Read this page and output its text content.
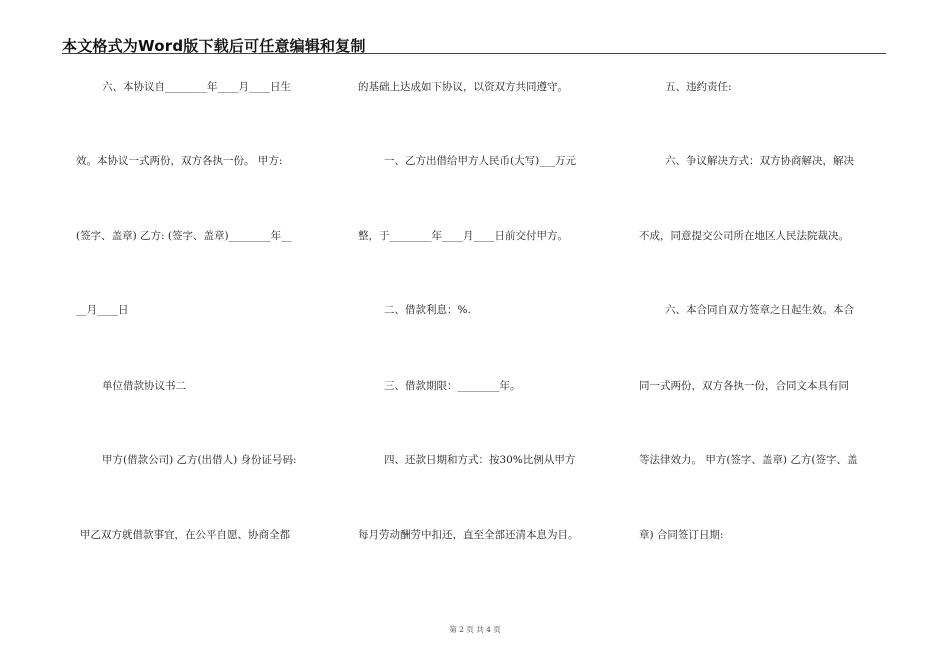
本文格式为Word版下载后可任意编辑和复制
六、本协议自________年____月____日生
效。本协议一式两份，双方各执一份。 甲方:
(签字、盖章) 乙方: (签字、盖章)________年__
__月____日
单位借款协议书二
甲方(借款公司) 乙方(出借人) 身份证号码:
甲乙双方就借款事宜，在公平自愿、协商全都
的基础上达成如下协议，以资双方共同遵守。
一、乙方出借给甲方人民币(大写)___万元
整，于________年____月____日前交付甲方。
二、借款利息：%.
三、借款期限：________年。
四、还款日期和方式：按30%比例从甲方
每月劳动酬劳中扣还，直至全部还清本息为目。
五、违约责任:
六、争议解决方式：双方协商解决，解决
不成，同意提交公司所在地区人民法院裁决。
六、本合同自双方签章之日起生效。本合
同一式两份，双方各执一份，合同文本具有同
等法律效力。 甲方(签字、盖章) 乙方(签字、盖
章) 合同签订日期:
第 2 页 共 4 页
